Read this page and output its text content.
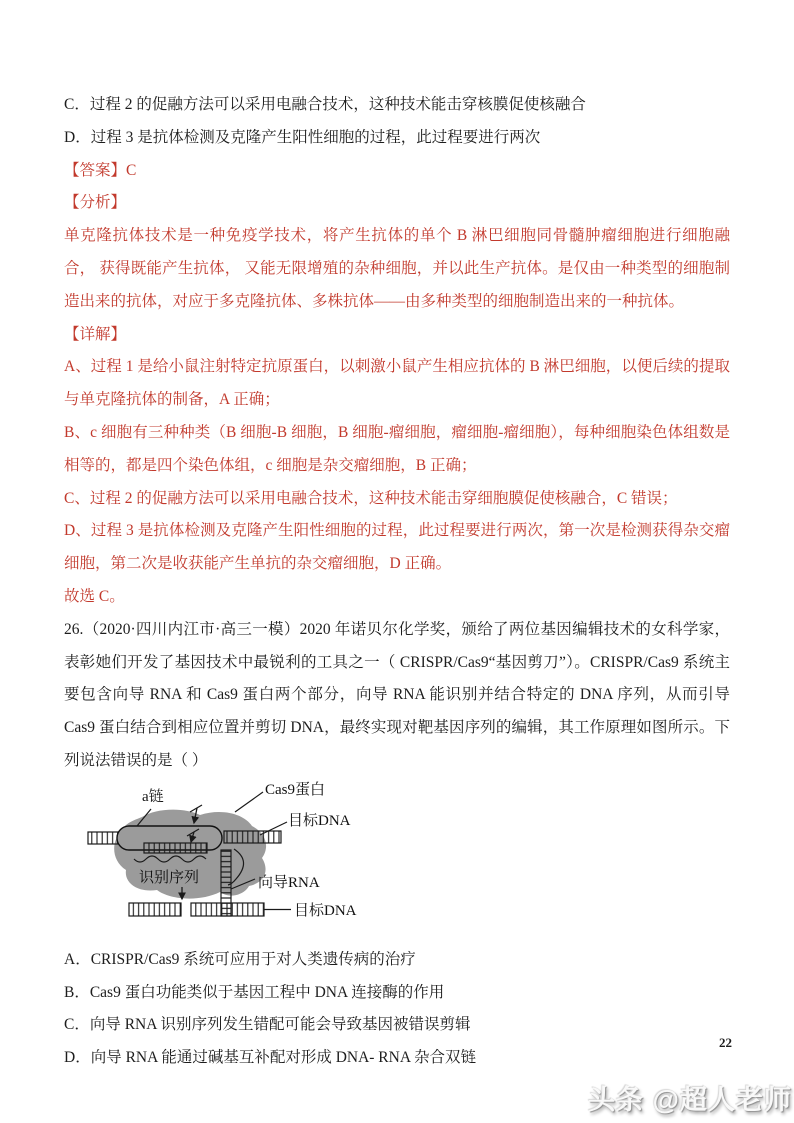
C．过程 2 的促融方法可以采用电融合技术，这种技术能击穿核膜促使核融合

D．过程 3 是抗体检测及克隆产生阳性细胞的过程，此过程要进行两次

【答案】C

【分析】

单克隆抗体技术是一种免疫学技术，将产生抗体的单个 B 淋巴细胞同骨髓肿瘤细胞进行细胞融合， 获得既能产生抗体， 又能无限增殖的杂种细胞，并以此生产抗体。是仅由一种类型的细胞制造出来的抗体，对应于多克隆抗体、多株抗体——由多种类型的细胞制造出来的一种抗体。

【详解】

A、过程 1 是给小鼠注射特定抗原蛋白，以刺激小鼠产生相应抗体的 B 淋巴细胞，以便后续的提取与单克隆抗体的制备，A 正确；

B、c 细胞有三种种类（B 细胞-B 细胞，B 细胞-瘤细胞，瘤细胞-瘤细胞），每种细胞染色体组数是相等的，都是四个染色体组，c 细胞是杂交瘤细胞，B 正确；

C、过程 2 的促融方法可以采用电融合技术，这种技术能击穿细胞膜促使核融合，C 错误；

D、过程 3 是抗体检测及克隆产生阳性细胞的过程，此过程要进行两次，第一次是检测获得杂交瘤细胞，第二次是收获能产生单抗的杂交瘤细胞，D 正确。

故选 C。

26.（2020·四川内江市·高三一模）2020 年诺贝尔化学奖，颁给了两位基因编辑技术的女科学家，表彰她们开发了基因技术中最锐利的工具之一（ CRISPR/Cas9“基因剪刀”）。CRISPR/Cas9 系统主要包含向导 RNA 和 Cas9 蛋白两个部分，向导 RNA 能识别并结合特定的 DNA 序列，从而引导 Cas9 蛋白结合到相应位置并剪切 DNA，最终实现对靶基因序列的编辑，其工作原理如图所示。下列说法错误的是（ ）

a链	Cas9蛋白
目标DNA
识别序列	向导RNA
目标DNA

A．CRISPR/Cas9 系统可应用于对人类遗传病的治疗

B．Cas9 蛋白功能类似于基因工程中 DNA 连接酶的作用

C．向导 RNA 识别序列发生错配可能会导致基因被错误剪辑

D．向导 RNA 能通过碱基互补配对形成 DNA- RNA 杂合双链

22
头条 @超人老师
